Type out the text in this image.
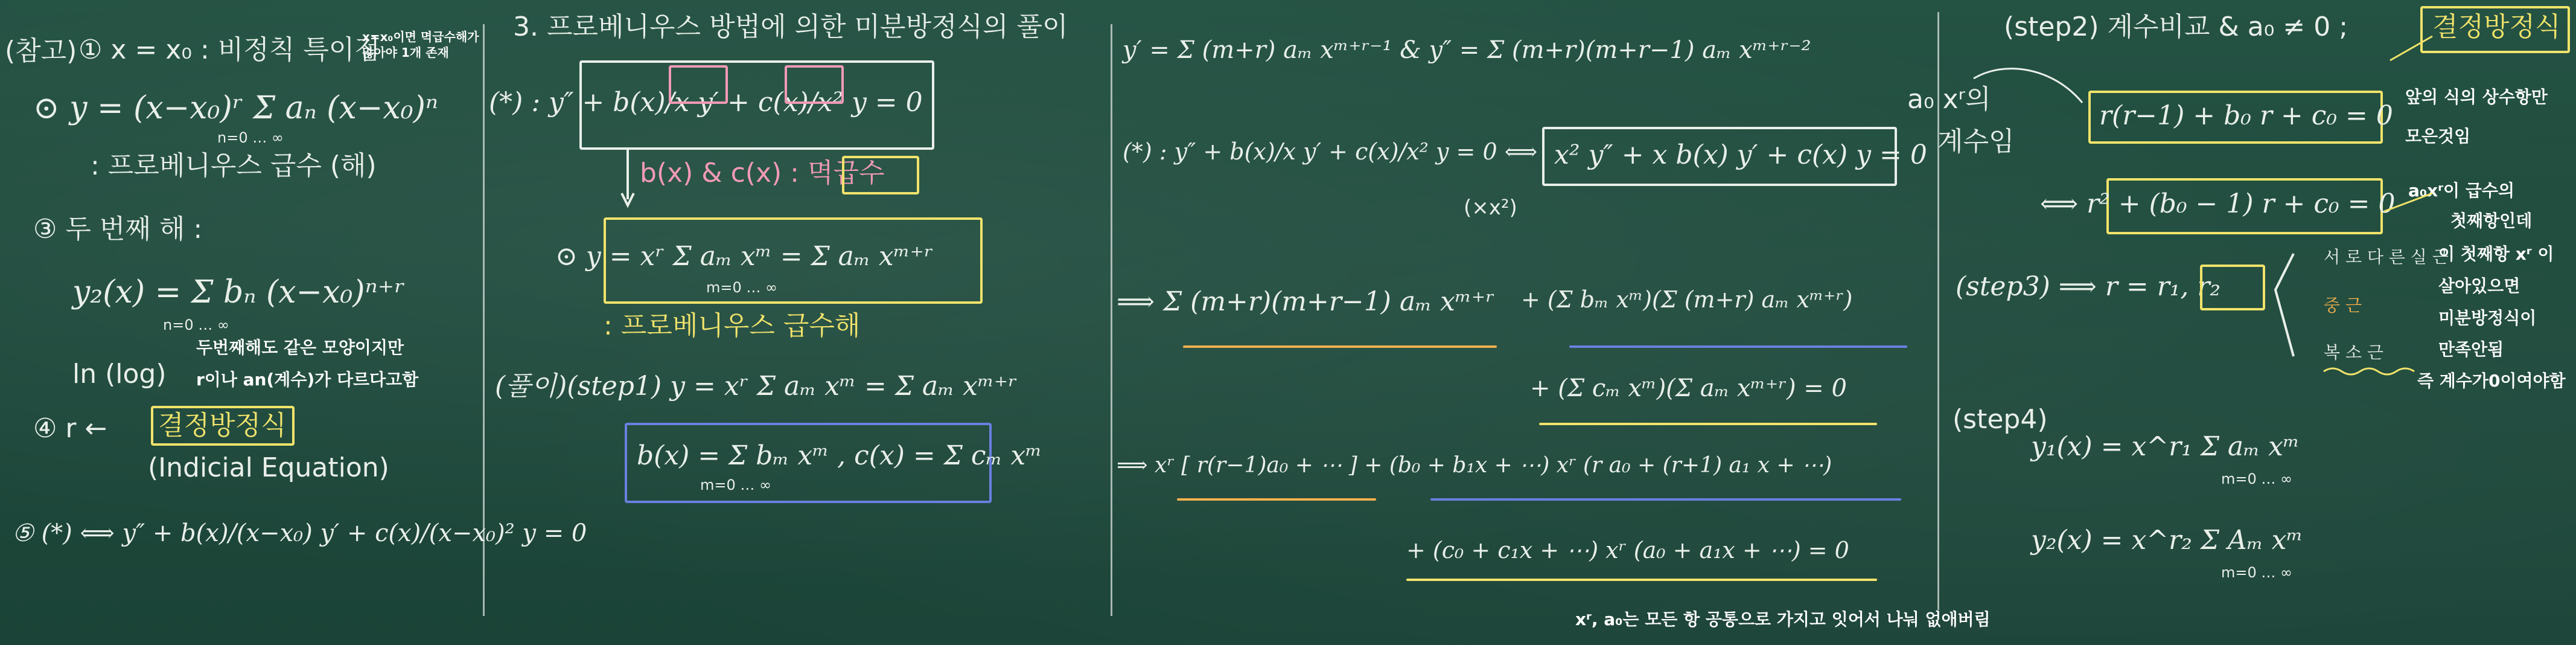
(참고) ① x = x₀ : 비정칙 특이점
x=x₀이면 멱급수해가
많아야 1개 존재
⊙ y = (x−x₀)ʳ Σ aₙ (x−x₀)ⁿ
n=0 … ∞
: 프로베니우스 급수 (해)
③ 두 번째 해 :
y₂(x) = Σ bₙ (x−x₀)ⁿ⁺ʳ
n=0 … ∞
ln (log)
두번째해도 같은 모양이지만
r이나 an(계수)가 다르다고함
④ r ← 결정방정식
(Indicial Equation)
⑤ (*) ⟺ y″ + b(x)/(x−x₀) y′ + c(x)/(x−x₀)² y = 0
3. 프로베니우스 방법에 의한 미분방정식의 풀이
(*) : y″ + b(x)/x y′ + c(x)/x² y = 0
b(x) & c(x) : 멱급수
⊙ y = xʳ Σ aₘ xᵐ = Σ aₘ xᵐ⁺ʳ
m=0 … ∞
: 프로베니우스 급수해
(풀이)(step1) y = xʳ Σ aₘ xᵐ = Σ aₘ xᵐ⁺ʳ
b(x) = Σ bₘ xᵐ , c(x) = Σ cₘ xᵐ
m=0 … ∞
y′ = Σ (m+r) aₘ xᵐ⁺ʳ⁻¹ & y″ = Σ (m+r)(m+r−1) aₘ xᵐ⁺ʳ⁻²
(*) : y″ + b(x)/x y′ + c(x)/x² y = 0 ⟺ x² y″ + x b(x) y′ + c(x) y = 0
(×x²)
⟹ Σ (m+r)(m+r−1) aₘ xᵐ⁺ʳ + (Σ bₘ xᵐ)(Σ (m+r) aₘ xᵐ⁺ʳ)
+ (Σ cₘ xᵐ)(Σ aₘ xᵐ⁺ʳ) = 0
⟹ xʳ [ r(r−1)a₀ + ⋯ ] + (b₀ + b₁x + ⋯) xʳ (r a₀ + (r+1) a₁ x + ⋯)
+ (c₀ + c₁x + ⋯) xʳ (a₀ + a₁x + ⋯) = 0
xʳ, a₀는 모든 항 공통으로 가지고 잇어서 나눠 없애버림
(step2) 계수비교 & a₀ ≠ 0 ;	결정방정식
a₀ xʳ의
계수임
r(r−1) + b₀ r + c₀ = 0
앞의 식의 상수항만
모은것임
⟺ r² + (b₀ − 1) r + c₀ = 0 a₀xʳ이 급수의
첫째항인데
이 첫째항 xʳ 이
살아있으면
미분방정식이
만족안됨
즉 계수가0이여야함
(step3) ⟹ r = r₁, r₂
서 로 다 른 실 근
중 근
복 소 근
(step4)
y₁(x) = x^r₁ Σ aₘ xᵐ
m=0 … ∞
y₂(x) = x^r₂ Σ Aₘ xᵐ
m=0 … ∞
